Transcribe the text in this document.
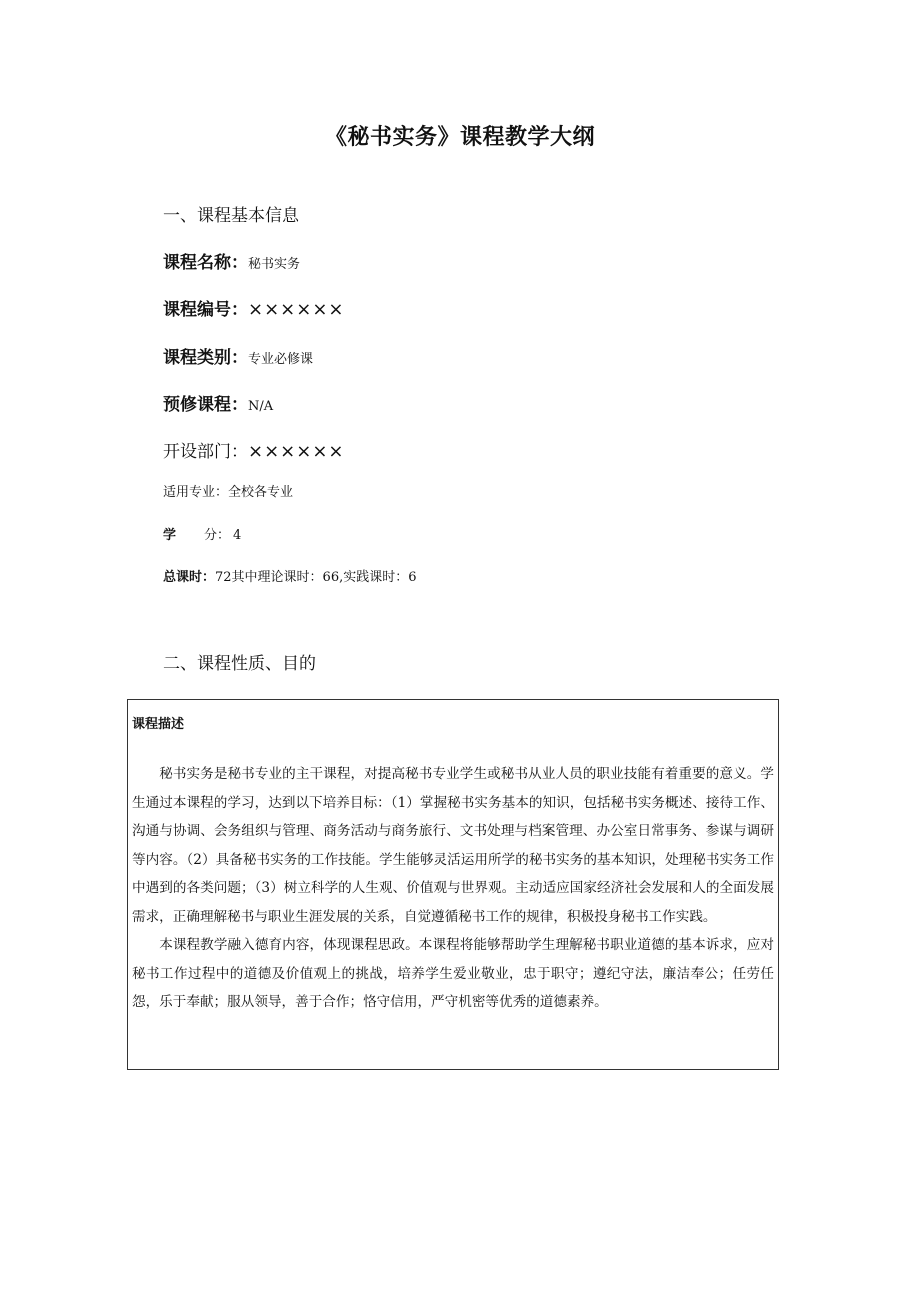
《秘书实务》课程教学大纲
一、课程基本信息
课程名称：秘书实务
课程编号：××××××
课程类别：专业必修课
预修课程：N/A
开设部门：××××××
适用专业：全校各专业
学 分： 4
总课时：72其中理论课时：66,实践课时：6
二、课程性质、目的
课程描述

秘书实务是秘书专业的主干课程，对提高秘书专业学生或秘书从业人员的职业技能有着重要的意义。学生通过本课程的学习，达到以下培养目标：（1）掌握秘书实务基本的知识，包括秘书实务概述、接待工作、沟通与协调、会务组织与管理、商务活动与商务旅行、文书处理与档案管理、办公室日常事务、参谋与调研等内容。（2）具备秘书实务的工作技能。学生能够灵活运用所学的秘书实务的基本知识，处理秘书实务工作中遇到的各类问题；（3）树立科学的人生观、价值观与世界观。主动适应国家经济社会发展和人的全面发展需求，正确理解秘书与职业生涯发展的关系，自觉遵循秘书工作的规律，积极投身秘书工作实践。

本课程教学融入德育内容，体现课程思政。本课程将能够帮助学生理解秘书职业道德的基本诉求，应对秘书工作过程中的道德及价值观上的挑战，培养学生爱业敬业，忠于职守；遵纪守法，廉洁奉公；任劳任怨，乐于奉献；服从领导，善于合作；恪守信用，严守机密等优秀的道德素养。
